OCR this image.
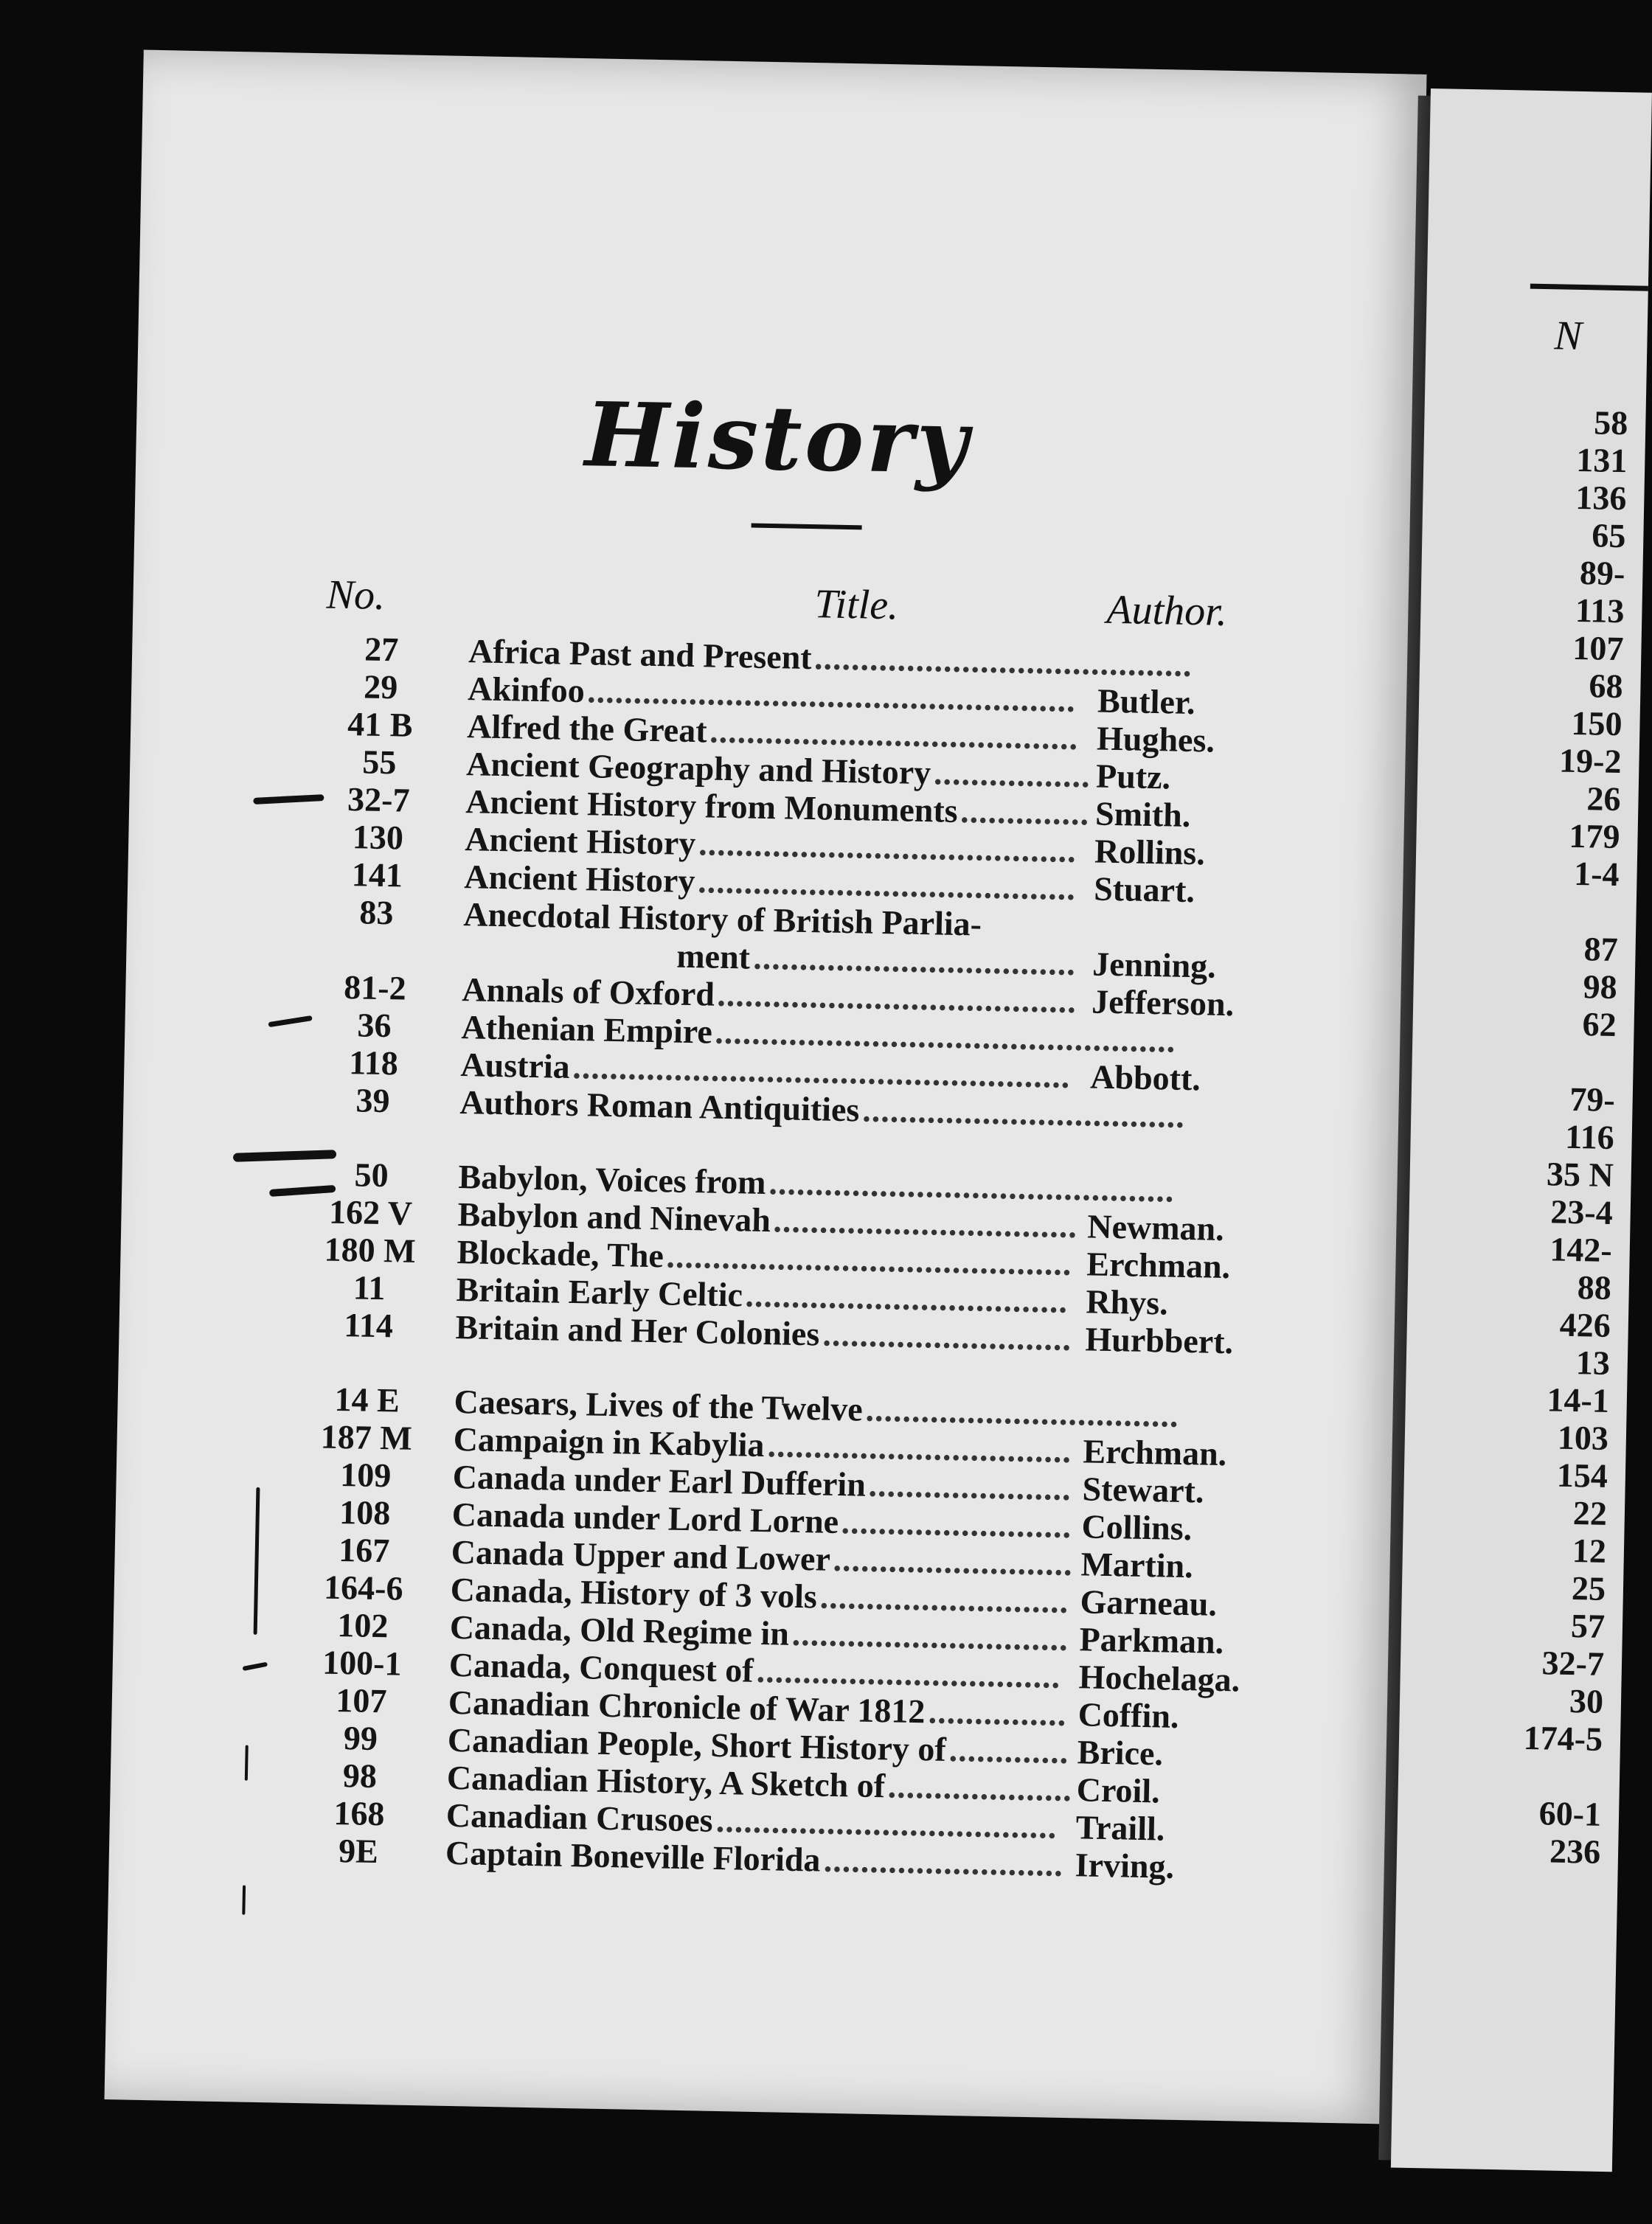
History
No.	Title.	Author.
27	Africa Past and Present .........................................
29	Akinfoo	Butler.
.....................................................
41 B	Alfred the Great	Hughes.
........................................
55	Ancient Geography and History	Putz.
.................
32-7	Ancient History from Monuments	Smith.
..............
130	Ancient History	Rollins.
.........................................
141	Ancient History	Stuart.
.........................................
83	Anecdotal History of British Parlia-
ment	Jenning.
...................................
81-2	Annals of Oxford	Jefferson.
.......................................
36	Athenian Empire ..................................................
118	Austria	Abbott.
......................................................
39	Authors Roman Antiquities ...................................
50	Babylon, Voices from ............................................
162 V	Babylon and Ninevah	Newman.
.................................
180 M	Blockade, The	Erchman.
............................................
11	Britain Early Celtic	Rhys.
...................................
114	Britain and Her Colonies	Hurbbert.
...........................
14 E	Caesars, Lives of the Twelve ..................................
187 M	Campaign in Kabylia	Erchman.
.................................
109	Canada under Earl Dufferin	Stewart.
......................
108	Canada under Lord Lorne	Collins.
.........................
167	Canada Upper and Lower	Martin.
..........................
164-6	Canada, History of 3 vols	Garneau.
...........................
102	Canada, Old Regime in	Parkman.
..............................
100-1	Canada, Conquest of	Hochelaga.
.................................
107	Canadian Chronicle of War 1812	Coffin.
...............
99	Canadian People, Short History of	Brice.
.............
98	Canadian History, A Sketch of	Croil.
....................
168	Canadian Crusoes	Traill.
.....................................
9E	Captain Boneville Florida	Irving.
..........................
N
58
131
136
65
89-
113
107
68
150
19-2
26
179
1-4
87
98
62
79-
116
35 N
23-4
142-
88
426
13
14-1
103
154
22
12
25
57
32-7
30
174-5
60-1
236
